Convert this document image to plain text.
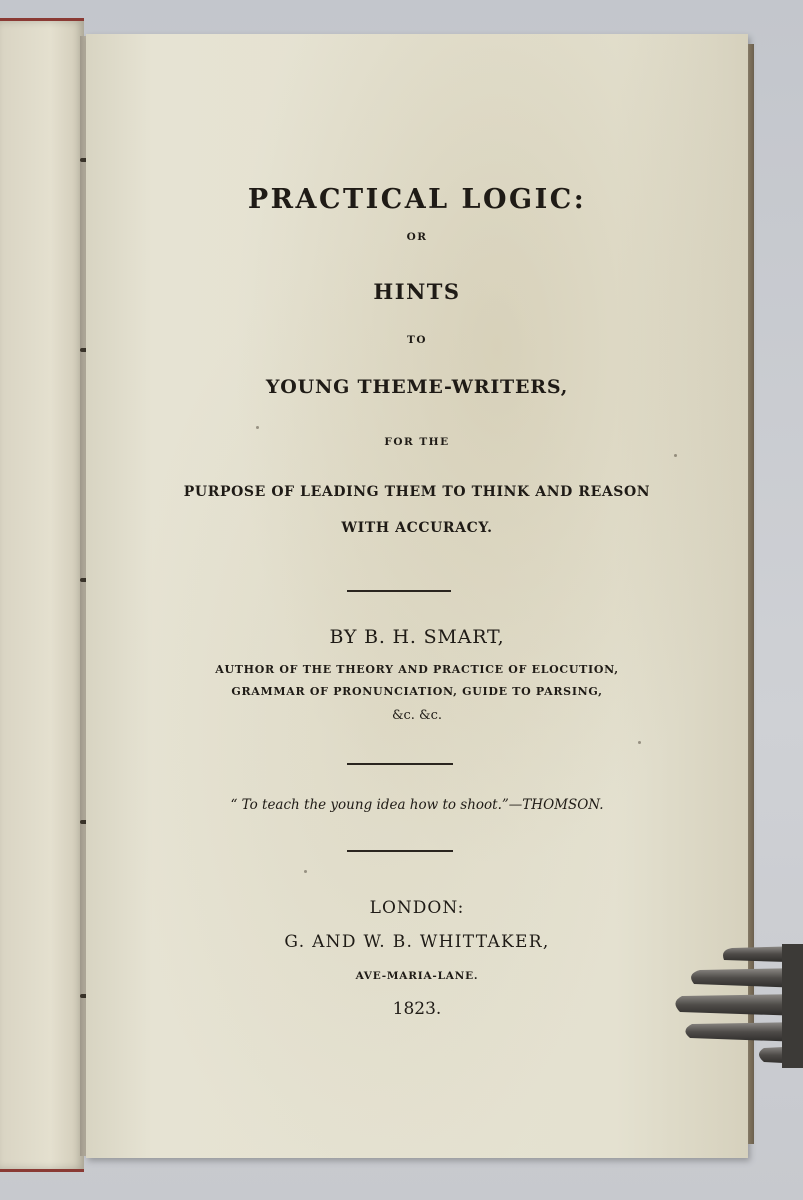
PRACTICAL LOGIC:

OR

HINTS

TO

YOUNG THEME-WRITERS,

FOR THE

PURPOSE OF LEADING THEM TO THINK AND REASON

WITH ACCURACY.

BY B. H. SMART,

AUTHOR OF THE THEORY AND PRACTICE OF ELOCUTION,

GRAMMAR OF PRONUNCIATION, GUIDE TO PARSING,

&c. &c.

“ To teach the young idea how to shoot.”—THOMSON.

LONDON:

G. AND W. B. WHITTAKER,

AVE-MARIA-LANE.

1823.
